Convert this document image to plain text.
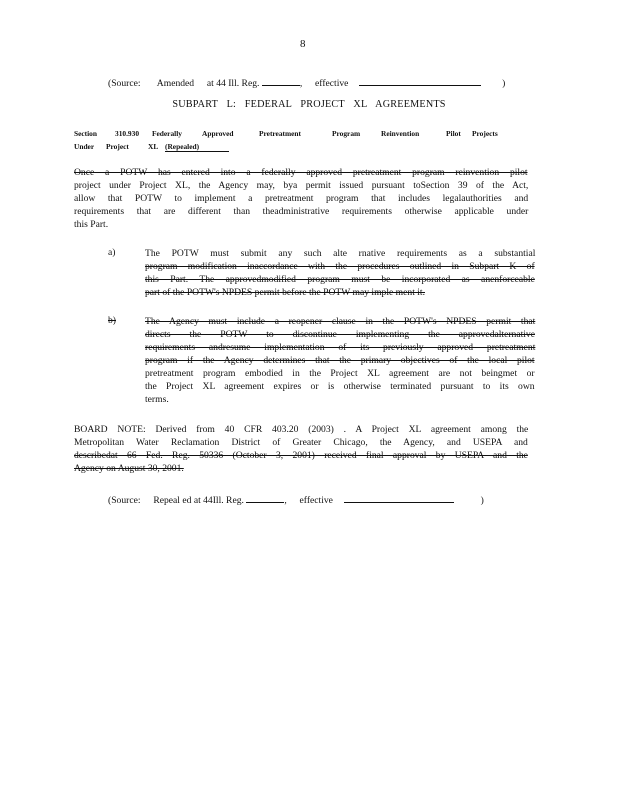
8
(Source: Amended at 44 Ill. Reg.	, effective	)
SUBPART L: FEDERAL PROJECT XL AGREEMENTS
Section 310.930 Federally	Approved	Pretreatment	Program	Reinvention	Pilot Projects
Under Project	XL (Repealed)
Once a POTW has entered into a federally approved pretreatment program reinvention pilot
project under Project XL, the Agency may, bya permit issued pursuant toSection 39 of the Act,
allow that POTW to implement a pretreatment program that includes legalauthorities and
requirements that are different than theadministrative requirements otherwise applicable under
this Part.
a)	The POTW must submit any such alte rnative requirements as a substantial
program modification inaccordance with the procedures outlined in Subpart K of
this Part. The approvedmodified program must be incorporated as anenforceable
part of the POTW's NPDES permit before the POTW may imple ment it.
b)	The Agency must include a reopener clause in the POTW's NPDES permit that
directs the POTW to discontinue implementing the approvedalternative
requirements andresume implementation of its previously approved pretreatment
program if the Agency determines that the primary objectives of the local pilot
pretreatment program embodied in the Project XL agreement are not beingmet or
the Project XL agreement expires or is otherwise terminated pursuant to its own
terms.
BOARD NOTE: Derived from 40 CFR 403.20 (2003) . A Project XL agreement among the
Metropolitan Water Reclamation District of Greater Chicago, the Agency, and USEPA and
describedat 66 Fed. Reg. 50336 (October 3, 2001) received final approval by USEPA and the
Agency on August 30, 2001.
(Source: Repeal ed at 44Ill. Reg.	, effective	)
